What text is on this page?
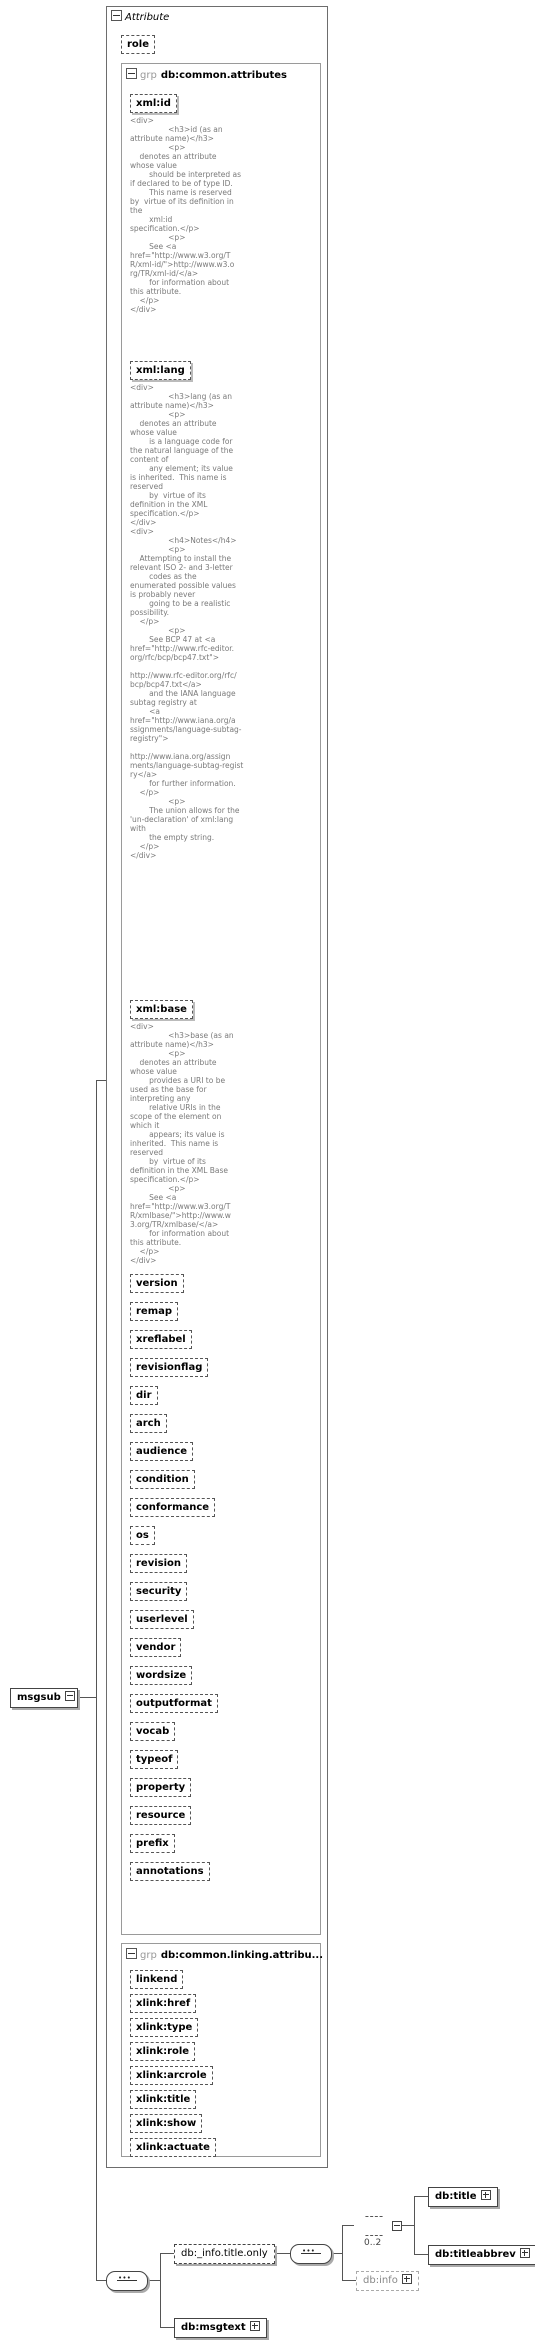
msgsub
Attribute
role
grp db:common.attributes
xml:id
<div>
<h3>id (as an
attribute name)</h3>
<p>
denotes an attribute
whose value
should be interpreted as
if declared to be of type ID.
This name is reserved
by  virtue of its definition in
the
xml:id
specification.</p>
<p>
See <a
href="http://www.w3.org/T
R/xml-id/">http://www.w3.o
rg/TR/xml-id/</a>
for information about
this attribute.
</p>
</div>
xml:lang
<div>
<h3>lang (as an
attribute name)</h3>
<p>
denotes an attribute
whose value
is a language code for
the natural language of the
content of
any element; its value
is inherited.  This name is
reserved
by  virtue of its
definition in the XML
specification.</p>
</div>
<div>
<h4>Notes</h4>
<p>
Attempting to install the
relevant ISO 2- and 3-letter
codes as the
enumerated possible values
is probably never
going to be a realistic
possibility.
</p>
<p>
See BCP 47 at <a
href="http://www.rfc-editor.
org/rfc/bcp/bcp47.txt">

http://www.rfc-editor.org/rfc/
bcp/bcp47.txt</a>
and the IANA language
subtag registry at
<a
href="http://www.iana.org/a
ssignments/language-subtag-
registry">

http://www.iana.org/assign
ments/language-subtag-regist
ry</a>
for further information.
</p>
<p>
The union allows for the
'un-declaration' of xml:lang
with
the empty string.
</p>
</div>
xml:base
<div>
<h3>base (as an
attribute name)</h3>
<p>
denotes an attribute
whose value
provides a URI to be
used as the base for
interpreting any
relative URIs in the
scope of the element on
which it
appears; its value is
inherited.  This name is
reserved
by  virtue of its
definition in the XML Base
specification.</p>
<p>
See <a
href="http://www.w3.org/T
R/xmlbase/">http://www.w
3.org/TR/xmlbase/</a>
for information about
this attribute.
</p>
</div>
version
remap
xreflabel
revisionflag
dir
arch
audience
condition
conformance
os
revision
security
userlevel
vendor
wordsize
outputformat
vocab
typeof
property
resource
prefix
annotations
grp db:common.linking.attribu...
linkend
xlink:href
xlink:type
xlink:role
xlink:arcrole
xlink:title
xlink:show
xlink:actuate
• • •
db:_info.title.only
• • •
0..2
db:title
db:titleabbrev
db:info
db:msgtext
